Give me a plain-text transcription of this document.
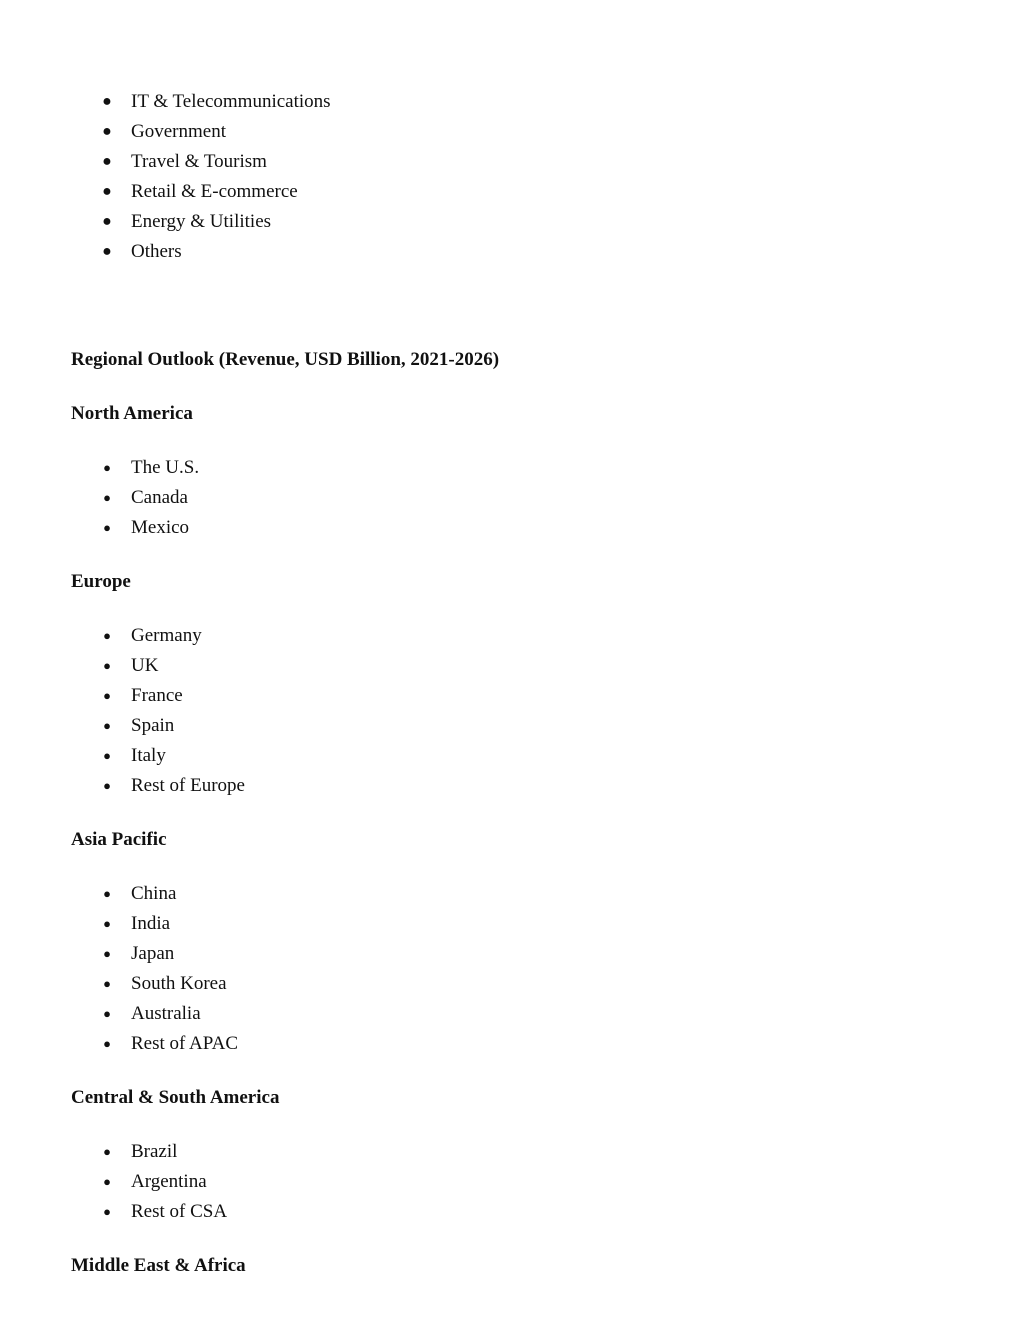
● IT & Telecommunications
● Government
● Travel & Tourism
● Retail & E-commerce
● Energy & Utilities
● Others
Regional Outlook (Revenue, USD Billion, 2021-2026)
North America
● The U.S.
● Canada
● Mexico
Europe
● Germany
● UK
● France
● Spain
● Italy
● Rest of Europe
Asia Pacific
● China
● India
● Japan
● South Korea
● Australia
● Rest of APAC
Central & South America
● Brazil
● Argentina
● Rest of CSA
Middle East & Africa
